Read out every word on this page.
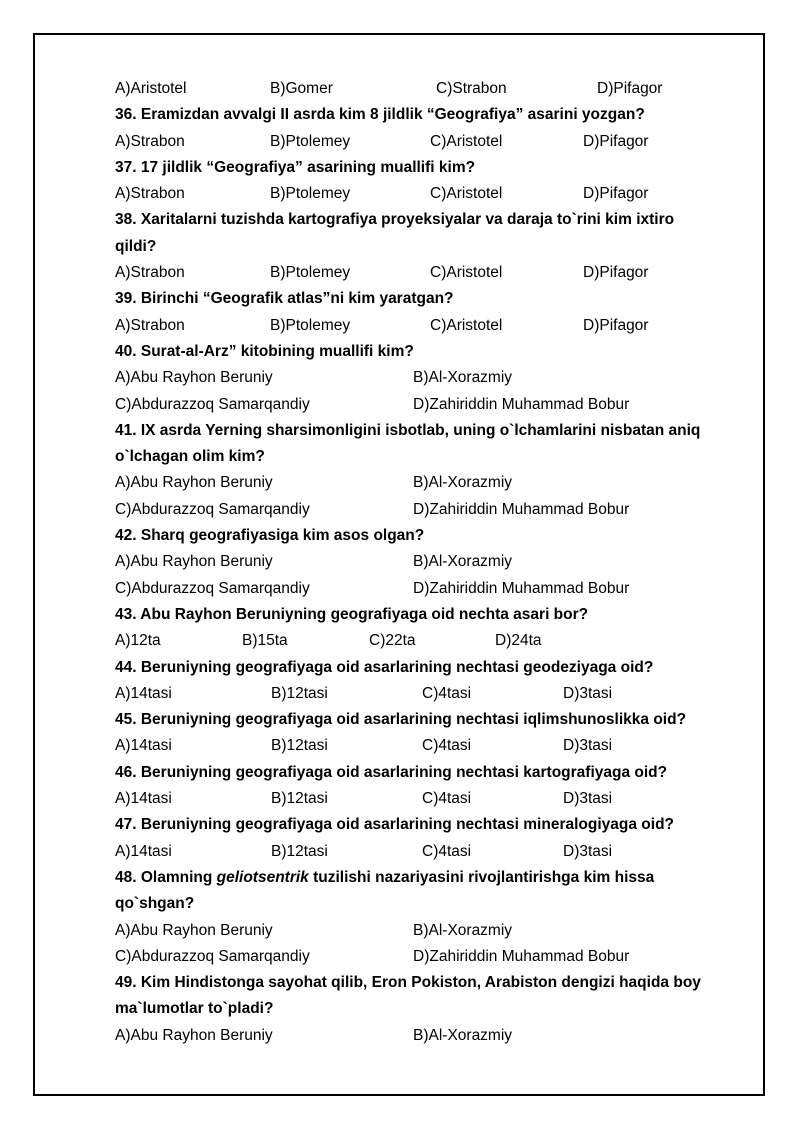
A)Aristotel	B)Gomer	C)Strabon	D)Pifagor
36. Eramizdan avvalgi II asrda kim 8 jildlik “Geografiya” asarini yozgan?
A)Strabon	B)Ptolemey	C)Aristotel	D)Pifagor
37. 17 jildlik “Geografiya” asarining muallifi kim?
A)Strabon	B)Ptolemey	C)Aristotel	D)Pifagor
38. Xaritalarni tuzishda kartografiya proyeksiyalar va daraja to`rini kim ixtiro
qildi?
A)Strabon	B)Ptolemey	C)Aristotel	D)Pifagor
39. Birinchi “Geografik atlas”ni kim yaratgan?
A)Strabon	B)Ptolemey	C)Aristotel	D)Pifagor
40. Surat-al-Arz” kitobining muallifi kim?
A)Abu Rayhon Beruniy	B)Al-Xorazmiy
C)Abdurazzoq Samarqandiy	D)Zahiriddin Muhammad Bobur
41. IX asrda Yerning sharsimonligini isbotlab, uning o`lchamlarini nisbatan aniq
o`lchagan olim kim?
A)Abu Rayhon Beruniy	B)Al-Xorazmiy
C)Abdurazzoq Samarqandiy	D)Zahiriddin Muhammad Bobur
42. Sharq geografiyasiga kim asos olgan?
A)Abu Rayhon Beruniy	B)Al-Xorazmiy
C)Abdurazzoq Samarqandiy	D)Zahiriddin Muhammad Bobur
43. Abu Rayhon Beruniyning geografiyaga oid nechta asari bor?
A)12ta	B)15ta	C)22ta	D)24ta
44. Beruniyning geografiyaga oid asarlarining nechtasi geodeziyaga oid?
A)14tasi	B)12tasi	C)4tasi	D)3tasi
45. Beruniyning geografiyaga oid asarlarining nechtasi iqlimshunoslikka oid?
A)14tasi	B)12tasi	C)4tasi	D)3tasi
46. Beruniyning geografiyaga oid asarlarining nechtasi kartografiyaga oid?
A)14tasi	B)12tasi	C)4tasi	D)3tasi
47. Beruniyning geografiyaga oid asarlarining nechtasi mineralogiyaga oid?
A)14tasi	B)12tasi	C)4tasi	D)3tasi
48. Olamning geliotsentrik tuzilishi nazariyasini rivojlantirishga kim hissa
qo`shgan?
A)Abu Rayhon Beruniy	B)Al-Xorazmiy
C)Abdurazzoq Samarqandiy	D)Zahiriddin Muhammad Bobur
49. Kim Hindistonga sayohat qilib, Eron Pokiston, Arabiston dengizi haqida boy
ma`lumotlar to`pladi?
A)Abu Rayhon Beruniy	B)Al-Xorazmiy
